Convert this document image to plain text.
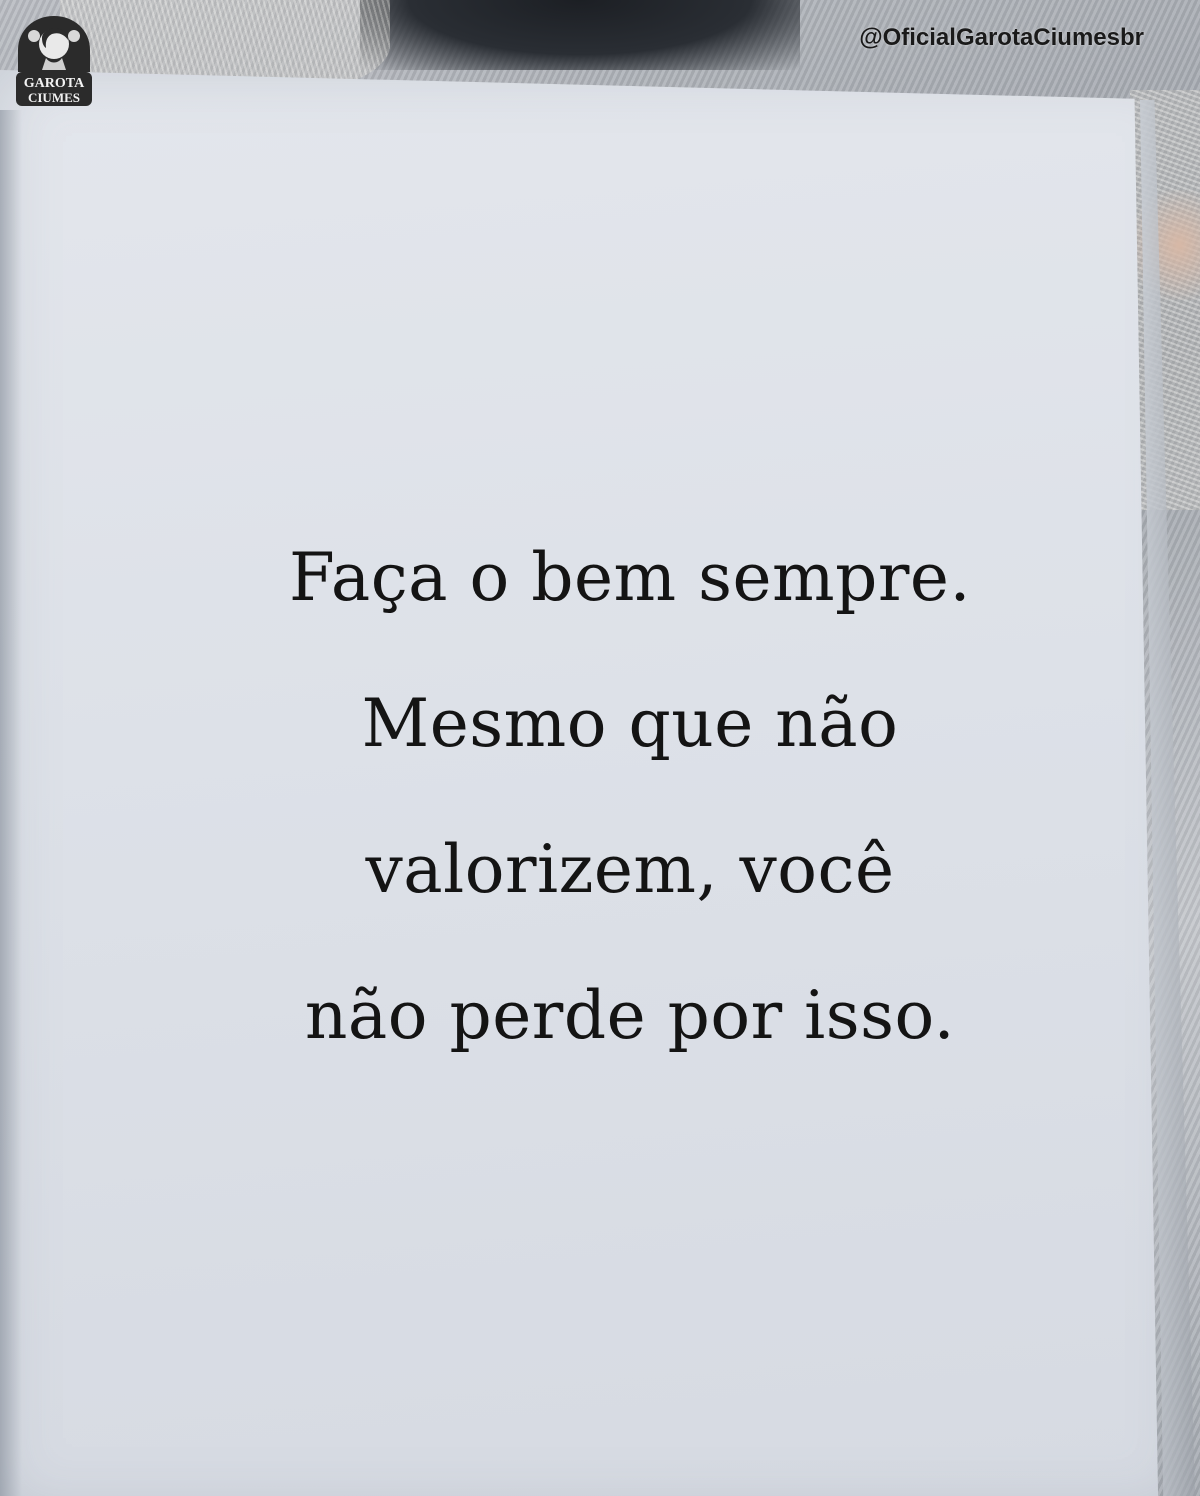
Faça o bem sempre.
Mesmo que não
valorizem, você
não perde por isso.

GAROTA
CIUMES
@OficialGarotaCiumesbr
